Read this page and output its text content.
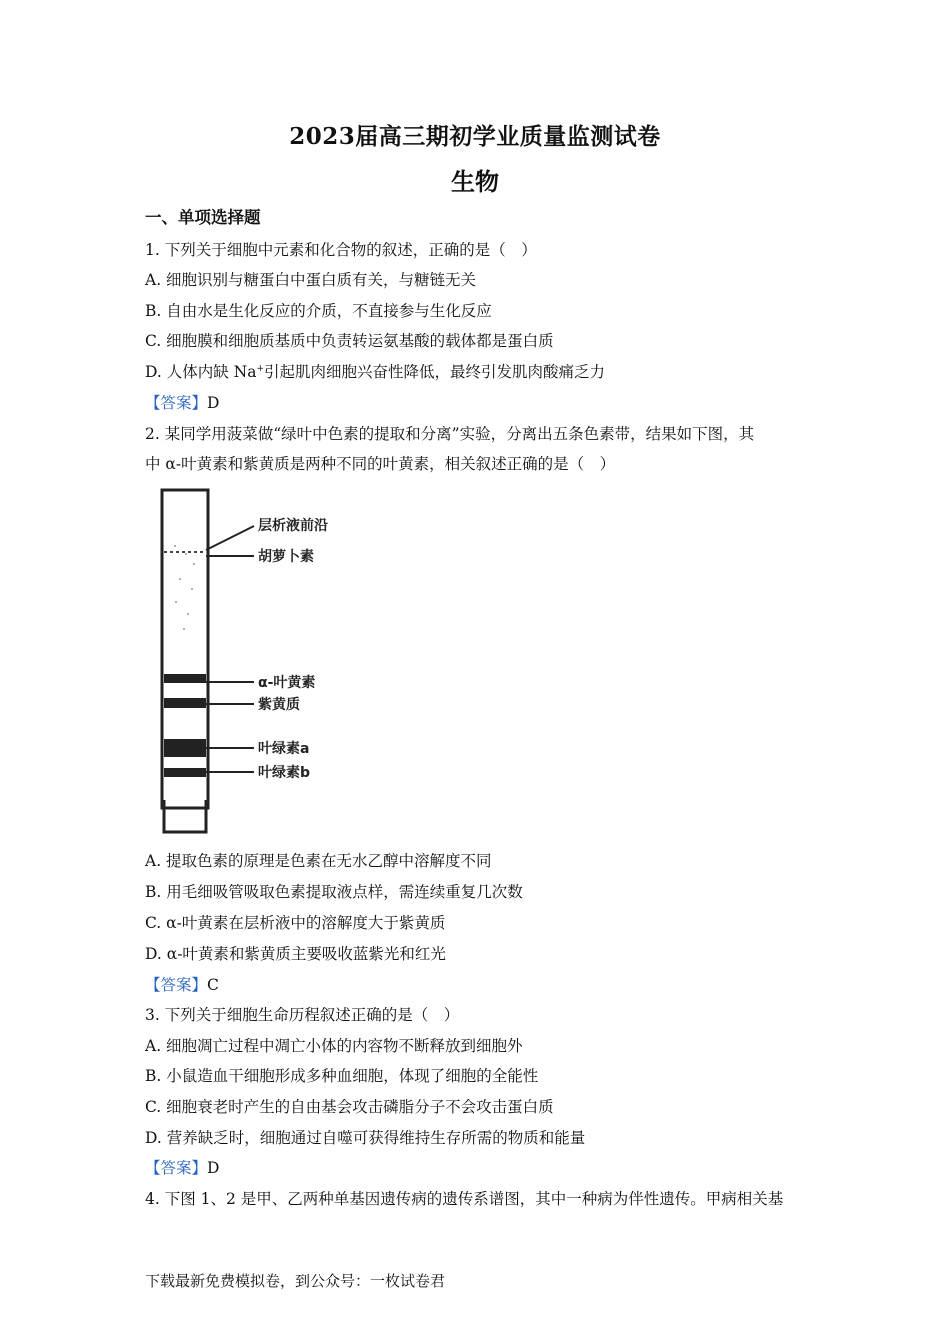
2023届高三期初学业质量监测试卷
生物
一、单项选择题
1. 下列关于细胞中元素和化合物的叙述，正确的是（　）
A. 细胞识别与糖蛋白中蛋白质有关，与糖链无关
B. 自由水是生化反应的介质，不直接参与生化反应
C. 细胞膜和细胞质基质中负责转运氨基酸的载体都是蛋白质
D. 人体内缺 Na+引起肌肉细胞兴奋性降低，最终引发肌肉酸痛乏力
【答案】D
2. 某同学用菠菜做“绿叶中色素的提取和分离”实验，分离出五条色素带，结果如下图，其
中 α-叶黄素和紫黄质是两种不同的叶黄素，相关叙述正确的是（　）
层析液前沿
胡萝卜素
α-叶黄素
紫黄质
叶绿素a
叶绿素b
A. 提取色素的原理是色素在无水乙醇中溶解度不同
B. 用毛细吸管吸取色素提取液点样，需连续重复几次数
C. α-叶黄素在层析液中的溶解度大于紫黄质
D. α-叶黄素和紫黄质主要吸收蓝紫光和红光
【答案】C
3. 下列关于细胞生命历程叙述正确的是（　）
A. 细胞凋亡过程中凋亡小体的内容物不断释放到细胞外
B. 小鼠造血干细胞形成多种血细胞，体现了细胞的全能性
C. 细胞衰老时产生的自由基会攻击磷脂分子不会攻击蛋白质
D. 营养缺乏时，细胞通过自噬可获得维持生存所需的物质和能量
【答案】D
4. 下图 1、2 是甲、乙两种单基因遗传病的遗传系谱图，其中一种病为伴性遗传。甲病相关基
下载最新免费模拟卷，到公众号：一枚试卷君
